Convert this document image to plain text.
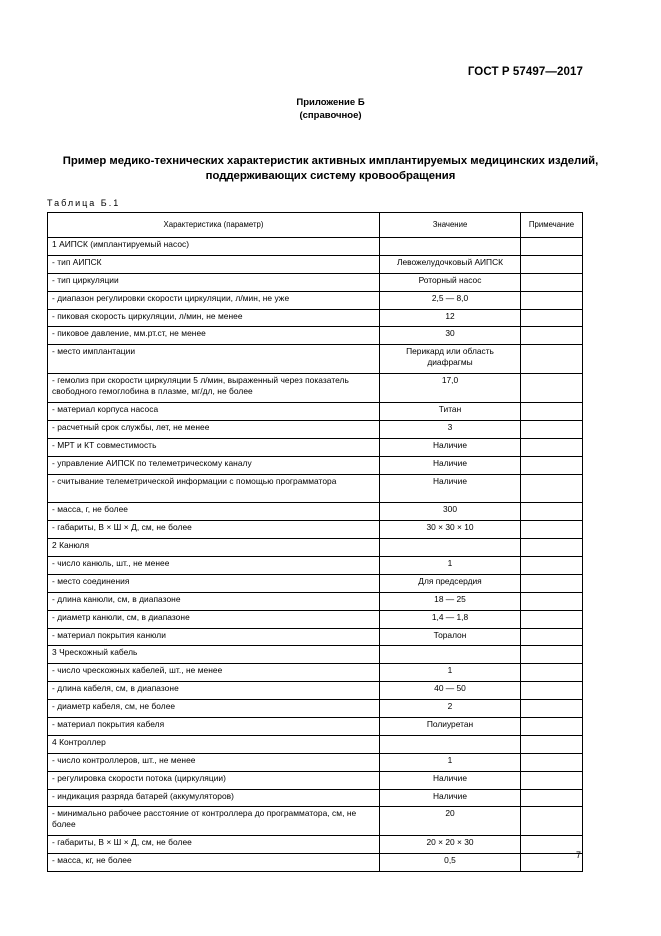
ГОСТ Р 57497—2017
Приложение Б
(справочное)
Пример медико-технических характеристик активных имплантируемых медицинских изделий,
поддерживающих систему кровообращения
Таблица Б.1
Характеристика (параметр)	Значение	Примечание
1 АИПСК (имплантируемый насос)		
- тип АИПСК	Левожелудочковый АИПСК	
- тип циркуляции	Роторный насос	
- диапазон регулировки скорости циркуляции, л/мин, не уже	2,5 — 8,0	
- пиковая скорость циркуляции, л/мин, не менее	12	
- пиковое давление, мм.рт.ст, не менее	30	
- место имплантации	Перикард или область диафрагмы	
- гемолиз при скорости циркуляции 5 л/мин, выраженный через показатель свободного гемоглобина в плазме, мг/дл, не более	17,0	
- материал корпуса насоса	Титан	
- расчетный срок службы, лет, не менее	3	
- МРТ и КТ совместимость	Наличие	
- управление АИПСК по телеметрическому каналу	Наличие	
- считывание телеметрической информации с помощью программатора	Наличие	
- масса, г, не более	300	
- габариты, В × Ш × Д, см, не более	30 × 30 × 10	
2 Канюля		
- число канюль, шт., не менее	1	
- место соединения	Для предсердия	
- длина канюли, см, в диапазоне	18 — 25	
- диаметр канюли, см, в диапазоне	1,4 — 1,8	
- материал покрытия канюли	Торалон	
3 Чрескожный кабель		
- число чрескожных кабелей, шт., не менее	1	
- длина кабеля, см, в диапазоне	40 — 50	
- диаметр кабеля, см, не более	2	
- материал покрытия кабеля	Полиуретан	
4 Контроллер		
- число контроллеров, шт., не менее	1	
- регулировка скорости потока (циркуляции)	Наличие	
- индикация разряда батарей (аккумуляторов)	Наличие	
- минимально рабочее расстояние от контроллера до программатора, см, не более	20	
- габариты, В × Ш × Д, см, не более	20 × 20 × 30	
- масса, кг, не более	0,5	
7
